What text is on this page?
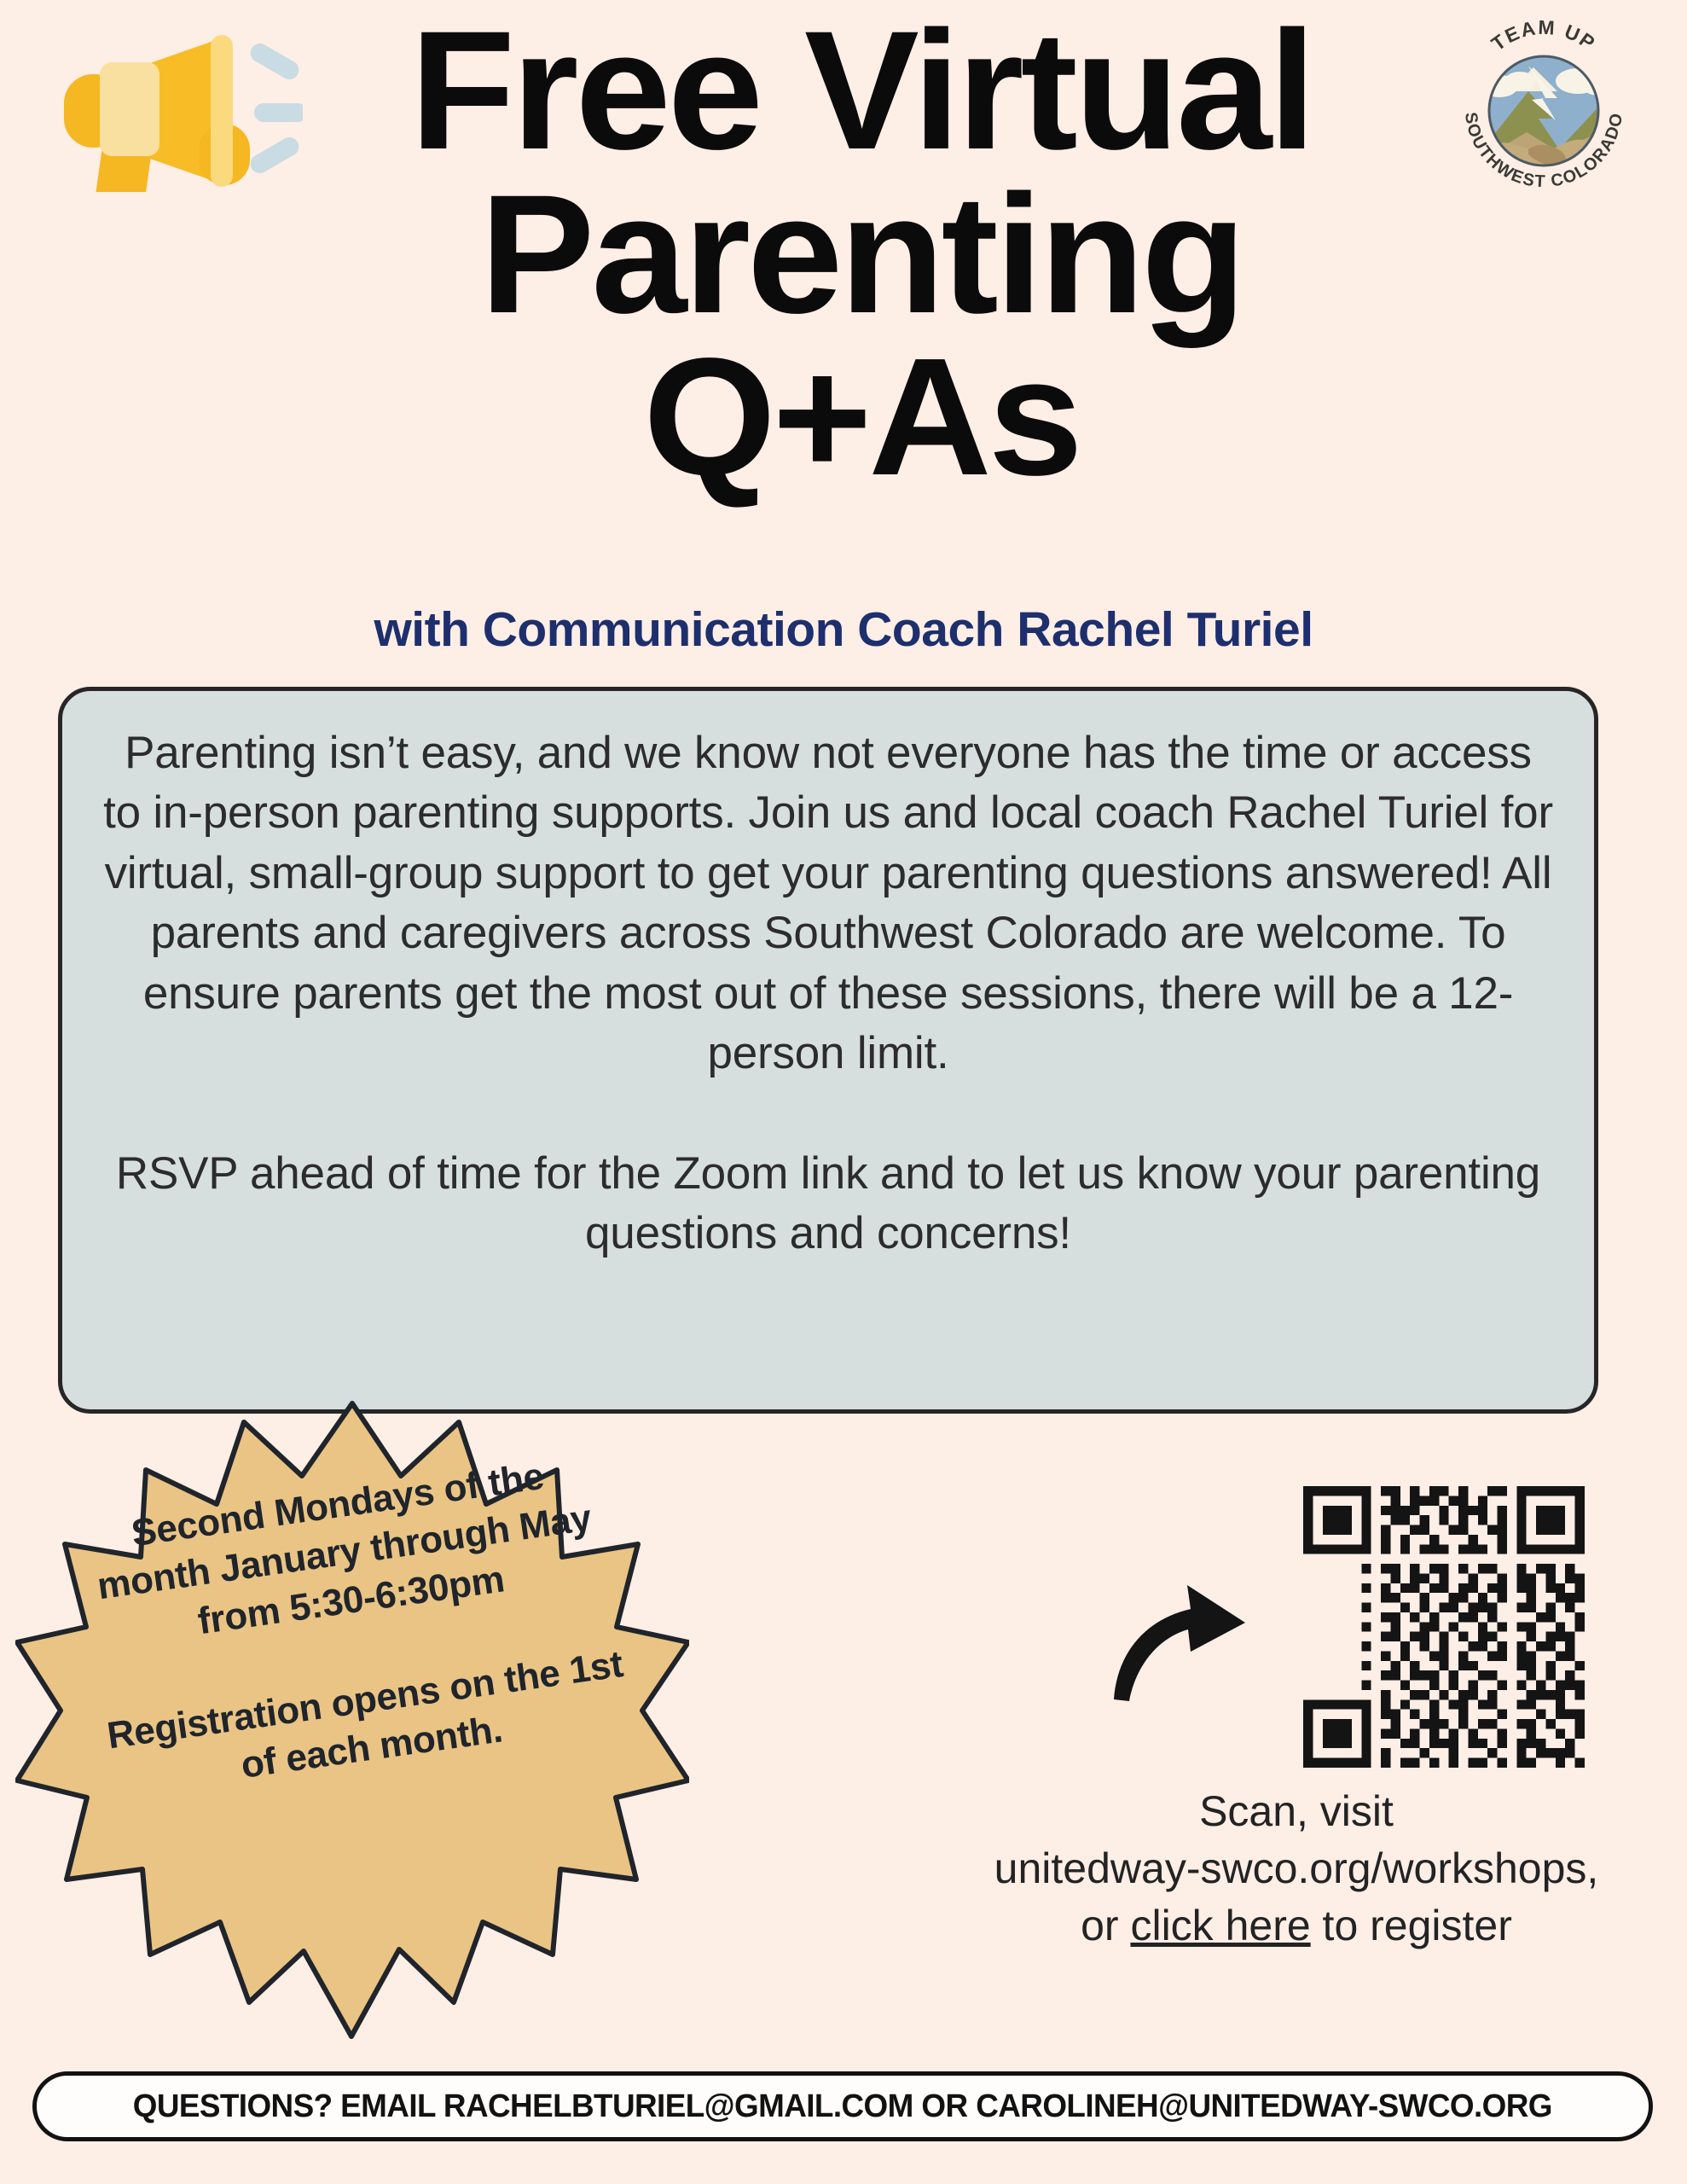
TEAM UP
SOUTHWEST COLORADO
Free Virtual
Parenting
Q+As
with Communication Coach Rachel Turiel

Parenting isn’t easy, and we know not everyone has the time or access to in-person parenting supports. Join us and local coach Rachel Turiel for virtual, small-group support to get your parenting questions answered! All parents and caregivers across Southwest Colorado are welcome. To ensure parents get the most out of these sessions, there will be a 12-person limit.

RSVP ahead of time for the Zoom link and to let us know your parenting questions and concerns!

Second Mondays of the month January through May from 5:30-6:30pm
Registration opens on the 1st of each month.
Scan, visit
unitedway-swco.org/workshops,
or click here to register
QUESTIONS? EMAIL RACHELBTURIEL@GMAIL.COM OR CAROLINEH@UNITEDWAY-SWCO.ORG
